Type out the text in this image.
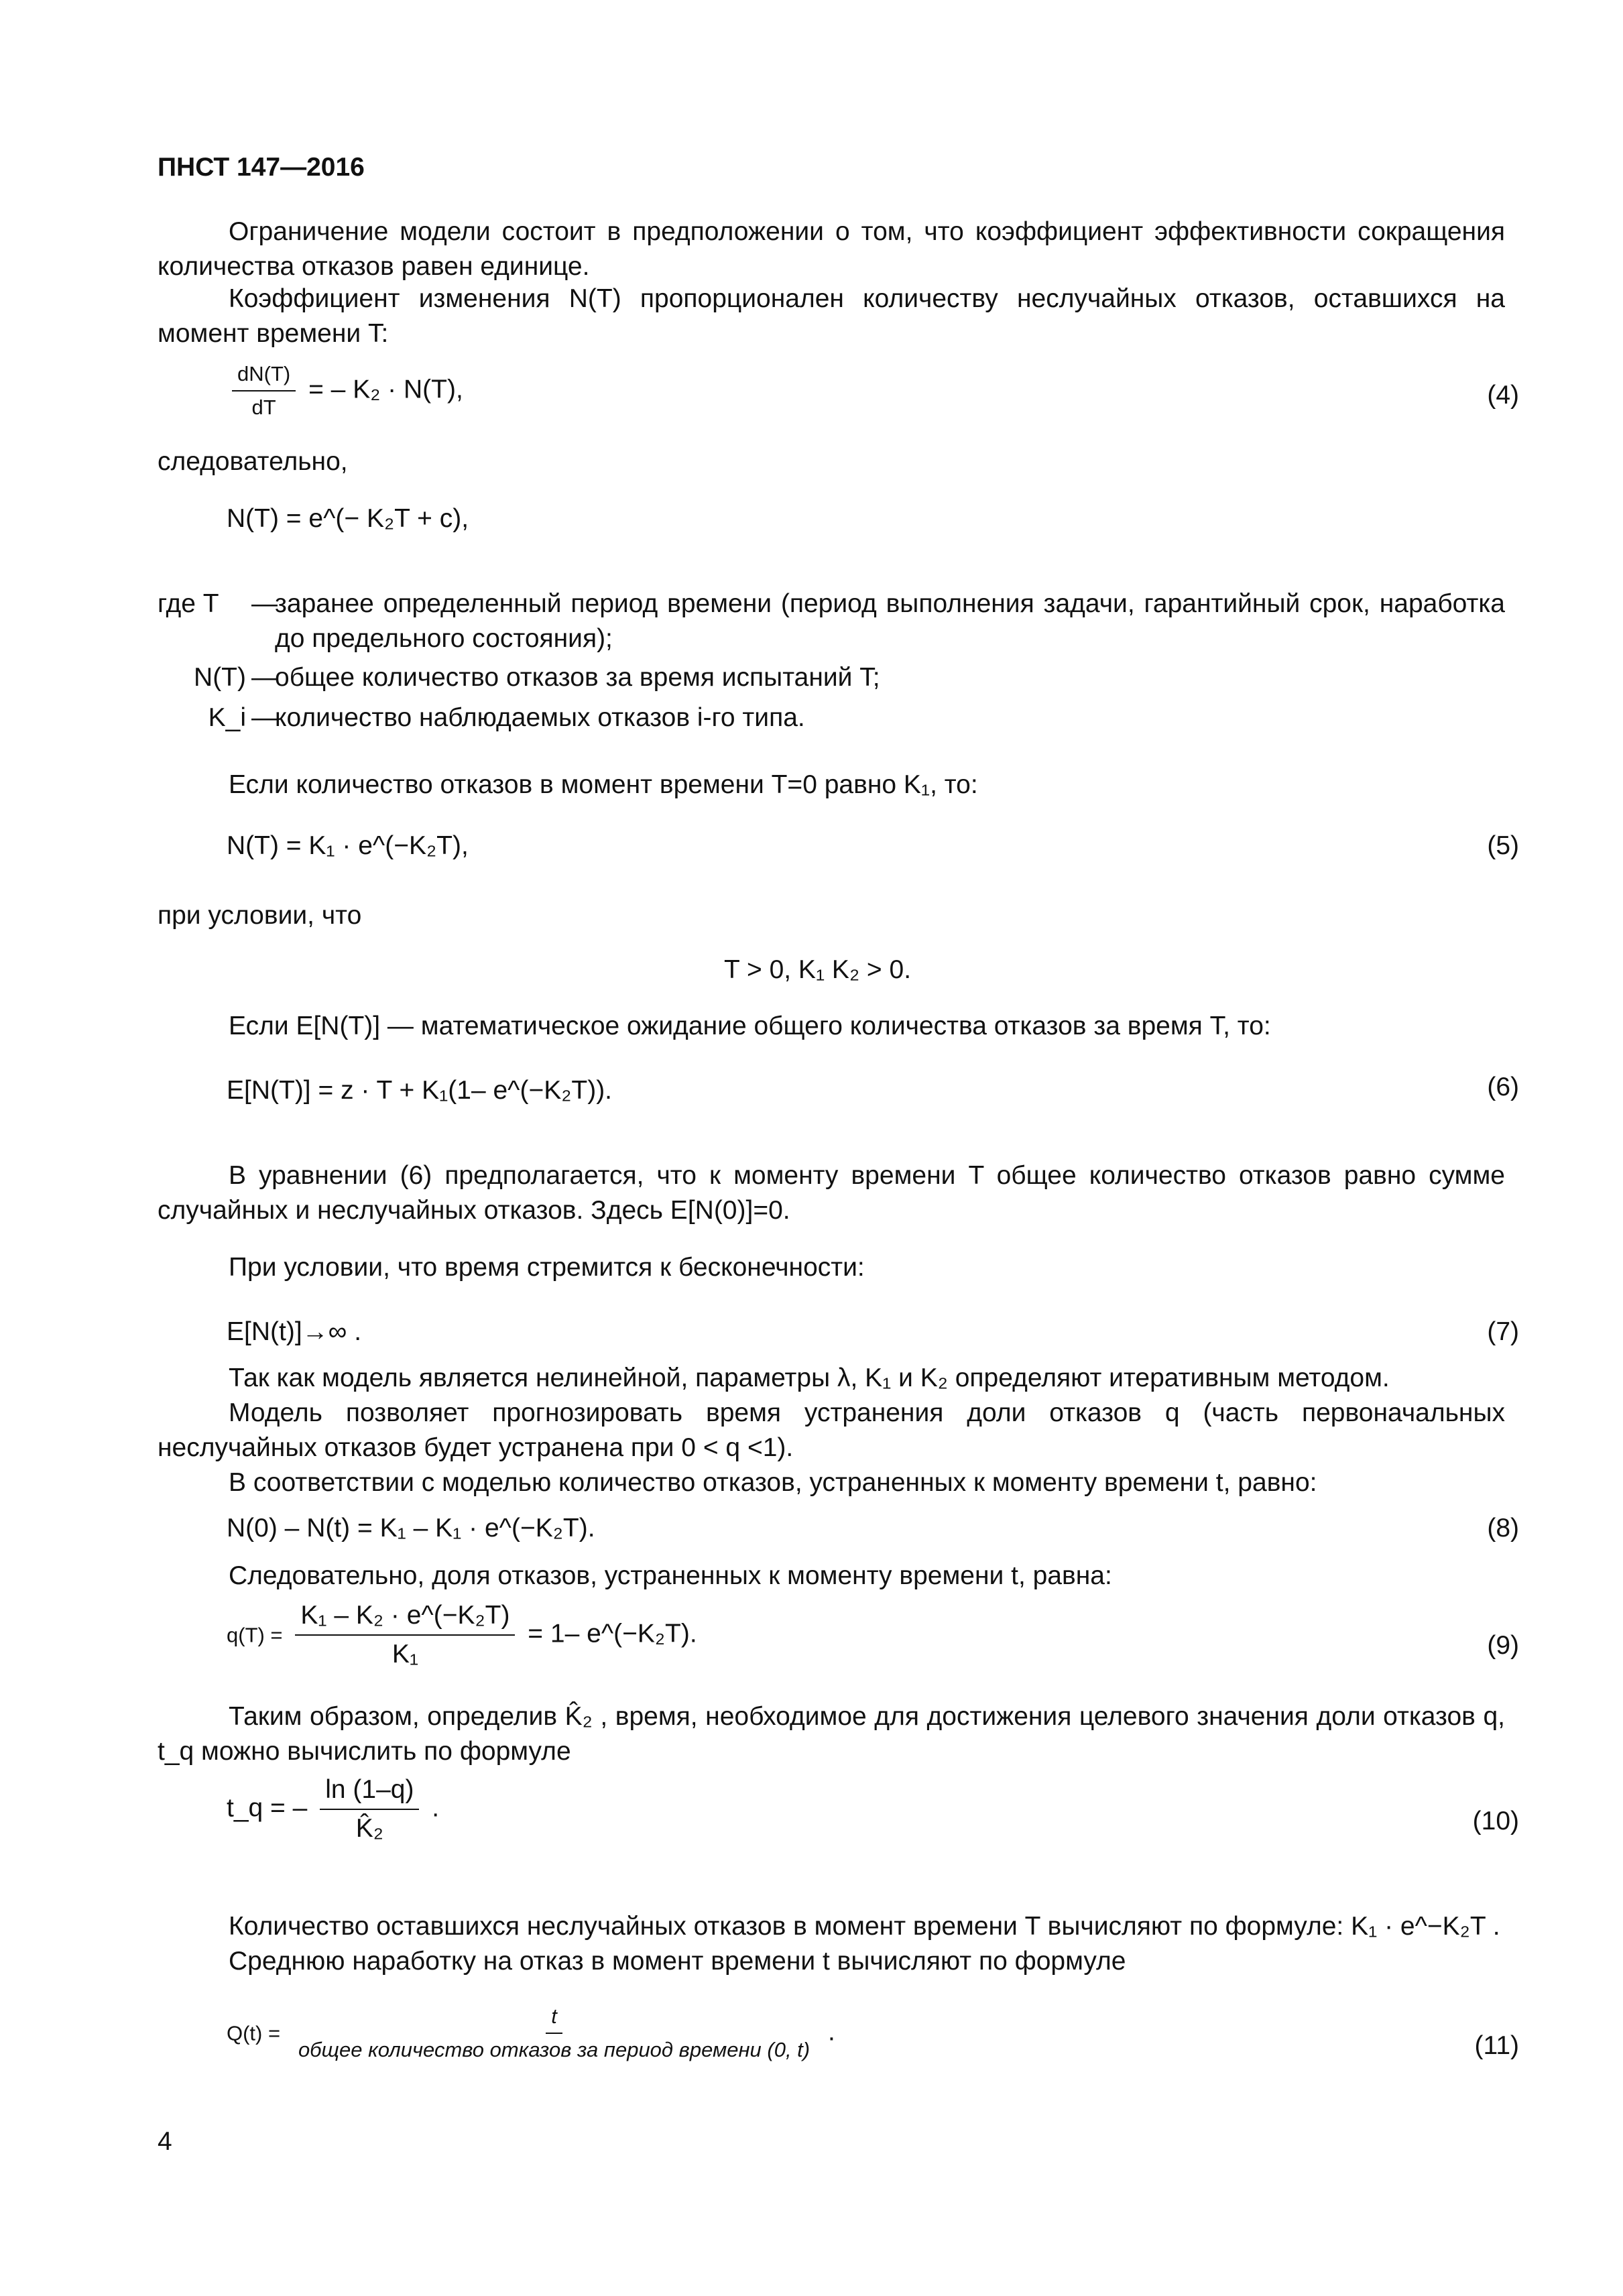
ПНСТ 147—2016
Ограничение модели состоит в предположении о том, что коэффициент эффективности сокращения количества отказов равен единице.
Коэффициент изменения N(T) пропорционален количеству неслучайных отказов, оставшихся на момент времени T:
$\frac{dN(T)}{dT}$ = – K₂ · N(T),	(4)
следовательно,
N(T) = e^(− K₂T + c),
где T	—
заранее определенный период времени (период выполнения задачи, гарантийный срок, наработка до предельного состояния);
N(T) —
общее количество отказов за время испытаний T;
K_i —
количество наблюдаемых отказов i-го типа.
Если количество отказов в момент времени T=0 равно K₁, то:
N(T) = K₁ · e^(−K₂T),	(5)
при условии, что
T > 0, K₁ K₂ > 0.
Если E[N(T)] — математическое ожидание общего количества отказов за время T, то:
E[N(T)] = z · T + K₁(1– e^(−K₂T)).	(6)
В уравнении (6) предполагается, что к моменту времени T общее количество отказов равно сумме случайных и неслучайных отказов. Здесь E[N(0)]=0.
При условии, что время стремится к бесконечности:
E[N(t)]→∞ .	(7)
Так как модель является нелинейной, параметры λ, K₁ и K₂ определяют итеративным методом.
Модель позволяет прогнозировать время устранения доли отказов q (часть первоначальных неслучайных отказов будет устранена при 0 < q <1).
В соответствии с моделью количество отказов, устраненных к моменту времени t, равно:
N(0) – N(t) = K₁ – K₁ · e^(−K₂T).	(8)
Следовательно, доля отказов, устраненных к моменту времени t, равна:
$q(T) = \frac{\text{K₁ – K₂ · e\textasciicircum{}(−K₂T)}}{\text{K₁}} = 1-$ e^(−K₂T).	(9)
Таким образом, определив K̂₂ , время, необходимое для достижения целевого значения доли отказов q, t_q можно вычислить по формуле
t_q = – $\frac{\ln (1-q)}{\text{K̂₂}}$ .	(10)
Количество оставшихся неслучайных отказов в момент времени T вычисляют по формуле: K₁ · e^−K₂T .
Среднюю наработку на отказ в момент времени t вычисляют по формуле
$Q(t) = \frac{t}{\text{общее количество отказов за период времени (0, t)}}$ .	(11)
4
